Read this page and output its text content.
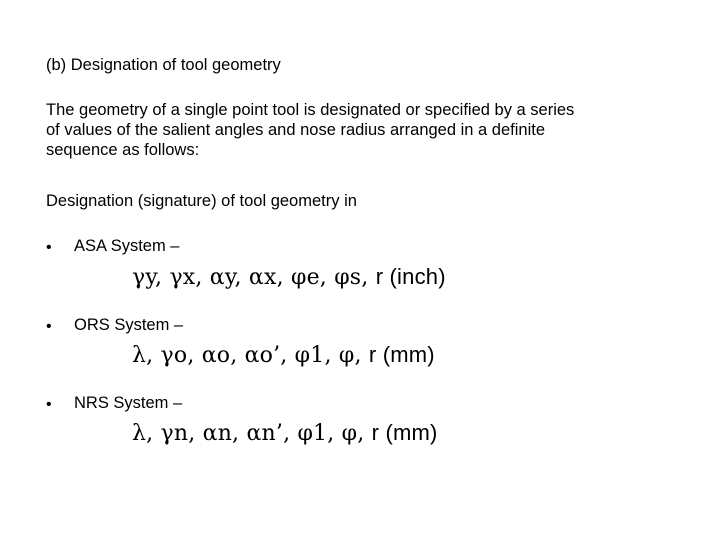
(b) Designation of tool geometry
The geometry of a single point tool is designated or specified by a series
of values of the salient angles and nose radius arranged in a definite
sequence as follows:
Designation (signature) of tool geometry in
• ASA System –
γy, γx, αy, αx, φe, φs, r (inch)
• ORS System –
λ, γo, αo, αo’, φ1, φ, r (mm)
• NRS System –
λ, γn, αn, αn’, φ1, φ, r (mm)
